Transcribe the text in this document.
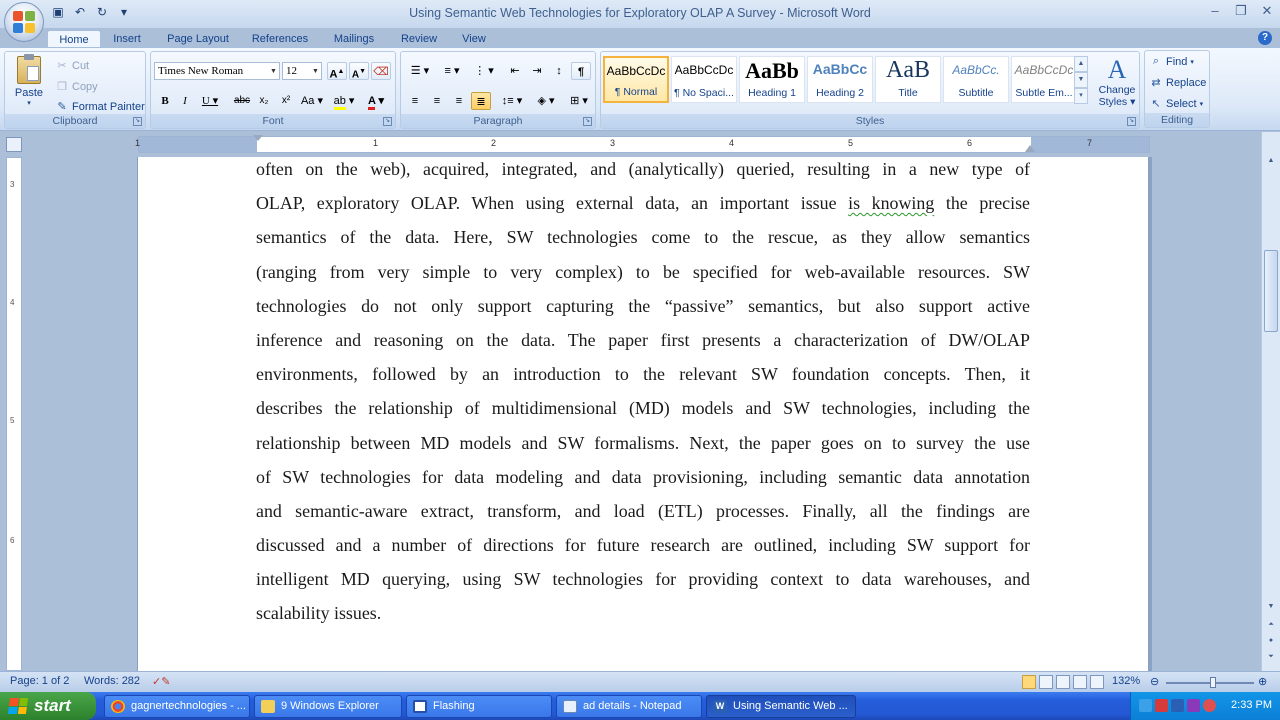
▣ ↶ ↻	▾	Using Semantic Web Technologies for Exploratory OLAP A Survey - Microsoft Word	– ❐ ✕
Home	Insert	Page Layout	References	Mailings	Review	View	?
Paste
▾
✂ Cut
❐ Copy
✎ Format Painter
Clipboard	↘
Times New Roman	▼ 12 ▼ A▲ A▼ ⌫
B	I	U ▾ abc x₂	x² Aa ▾ ab ▾	A ▾
Font	↘
☰ ▾	≡ ▾	⋮ ▾	⇤	⇥	↕	¶
≡	≡	≡	≣	↕≡ ▾	◈ ▾	⊞ ▾
Paragraph	↘	Styles	↘
A
Change
Styles ▾
AaBbCcDc
¶ Normal
AaBbCcDc
¶ No Spaci...
AaBb
Heading 1
AaBbCc
Heading 2
AaB
Title
AaBbCc.
Subtitle
AaBbCcDc
Subtle Em...
▲
▼
▾
⌕ Find ▾
⇄ Replace
↖ Select ▾
Editing
1	1	2	3	4	5	6	7
3
4
5
6
often on the web), acquired, integrated, and (analytically) queried, resulting in a new type of
OLAP, exploratory OLAP. When using external data, an important issue is knowing the precise
semantics of the data. Here, SW technologies come to the rescue, as they allow semantics
(ranging from very simple to very complex) to be specified for web-available resources. SW
technologies do not only support capturing the “passive” semantics, but also support active
inference and reasoning on the data. The paper first presents a characterization of DW/OLAP
environments, followed by an introduction to the relevant SW foundation concepts. Then, it
describes the relationship of multidimensional (MD) models and SW technologies, including the
relationship between MD models and SW formalisms. Next, the paper goes on to survey the use
of SW technologies for data modeling and data provisioning, including semantic data annotation
and semantic-aware extract, transform, and load (ETL) processes. Finally, all the findings are
discussed and a number of directions for future research are outlined, including SW support for
intelligent MD querying, using SW technologies for providing context to data warehouses, and
scalability issues.
▲
▼
⏶
●
⏷
Page: 1 of 2 Words: 282 ✓✎	132% ⊖	⊕
start	gagnertechnologies - ...	9 Windows Explorer	Flashing	ad details - Notepad	W Using Semantic Web ...	2:33 PM
